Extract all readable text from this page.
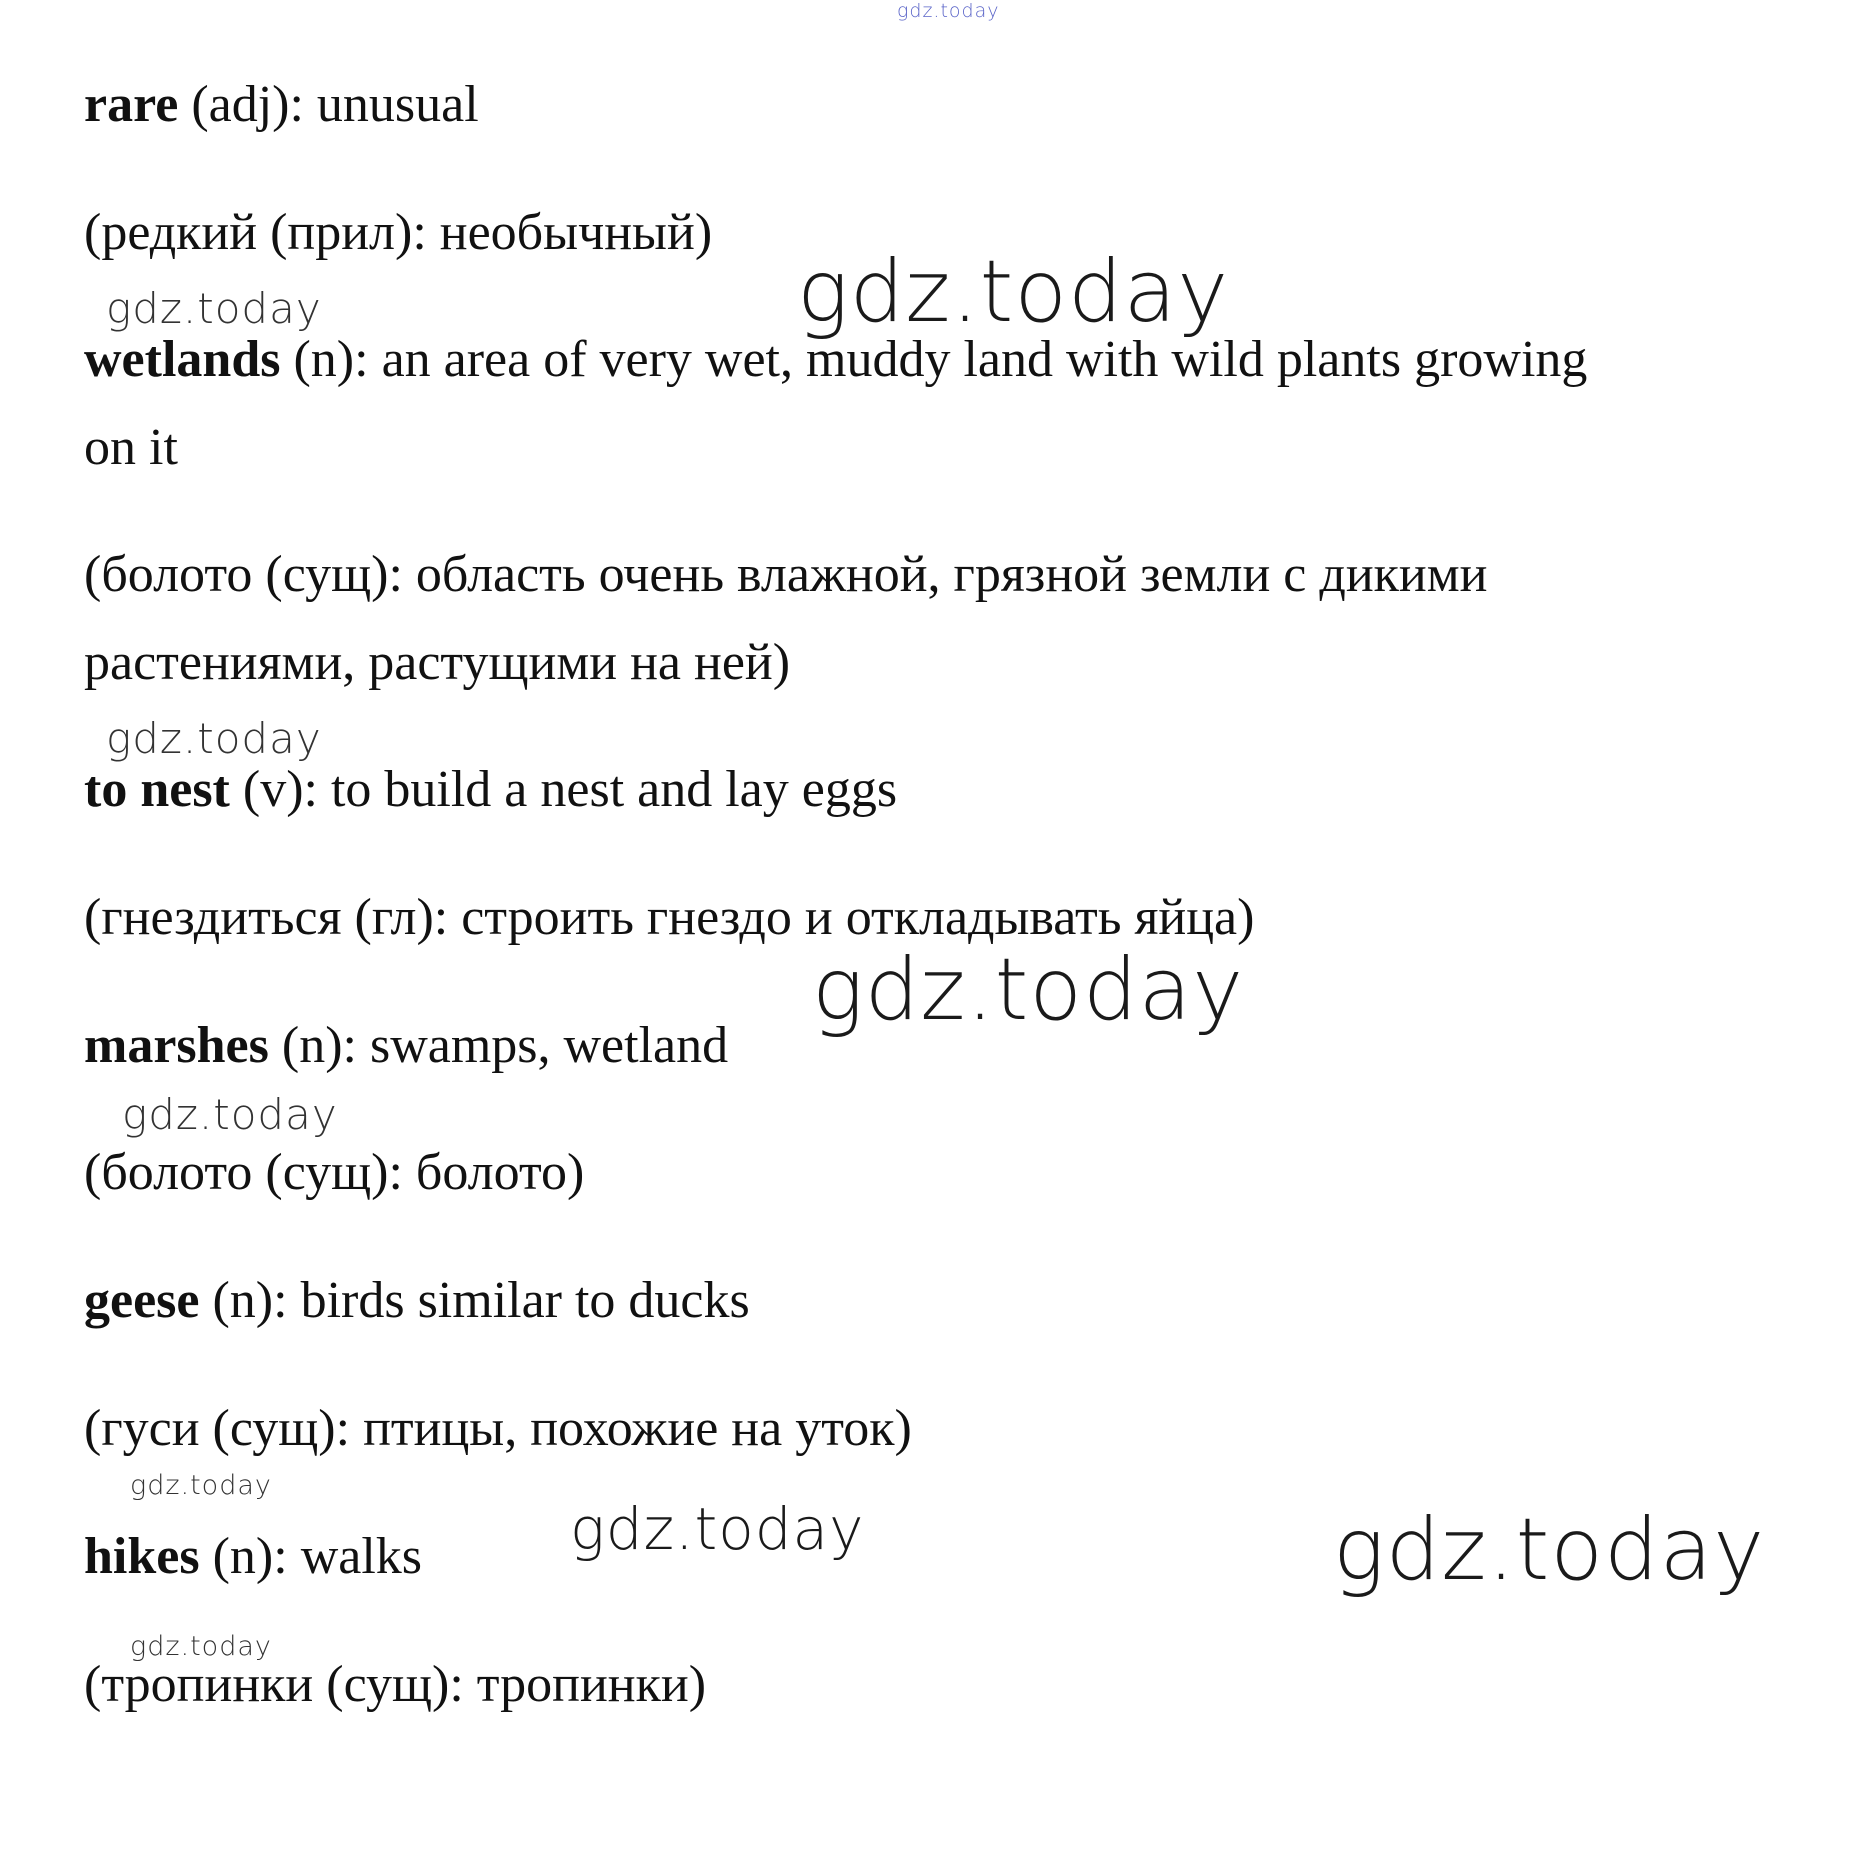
gdz.today
gdz.today	gdz.today
gdz.today
gdz.today
gdz.today
gdz.today
gdz.today	gdz.today
gdz.today
rare (adj): unusual
(редкий (прил): необычный)
wetlands (n): an area of very wet, muddy land with wild plants growing
on it
(болото (сущ): область очень влажной, грязной земли с дикими
растениями, растущими на ней)
to nest (v): to build a nest and lay eggs
(гнездиться (гл): строить гнездо и откладывать яйца)
marshes (n): swamps, wetland
(болото (сущ): болото)
geese (n): birds similar to ducks
(гуси (сущ): птицы, похожие на уток)
hikes (n): walks
(тропинки (сущ): тропинки)
